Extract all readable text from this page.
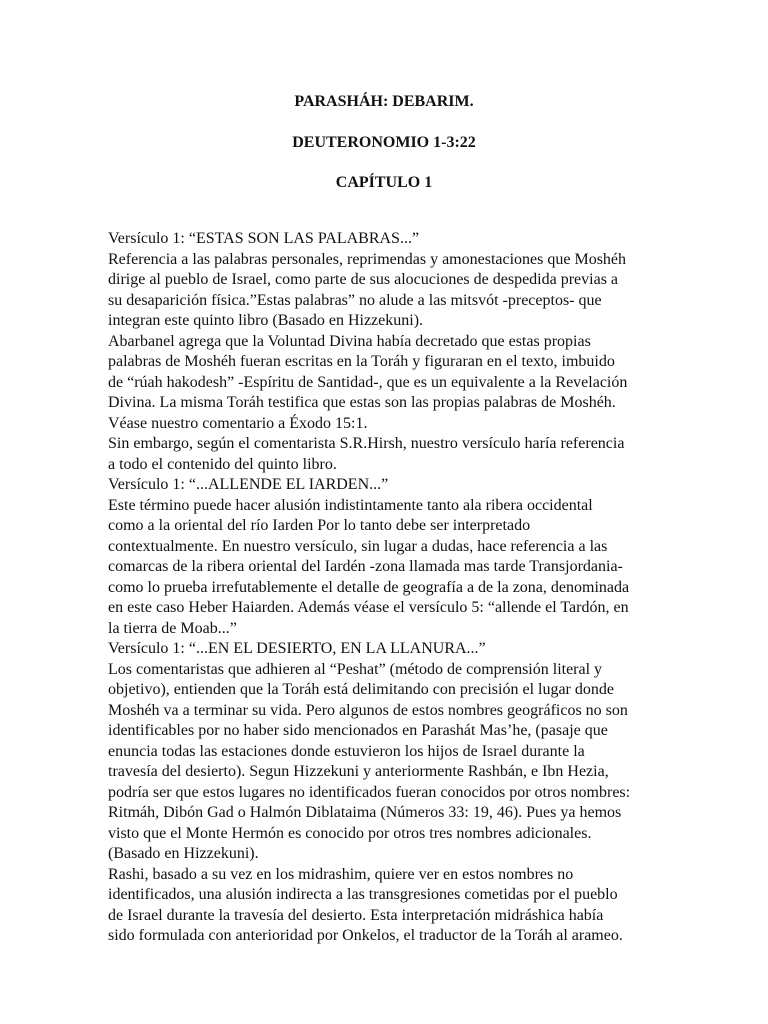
PARASHÁH: DEBARIM.
DEUTERONOMIO 1-3:22
CAPÍTULO 1
Versículo 1: “ESTAS SON LAS PALABRAS...”
Referencia a las palabras personales, reprimendas y amonestaciones que Moshéh
dirige al pueblo de Israel, como parte de sus alocuciones de despedida previas a
su desaparición física.”Estas palabras” no alude a las mitsvót -preceptos- que
integran este quinto libro (Basado en Hizzekuni).
Abarbanel agrega que la Voluntad Divina había decretado que estas propias
palabras de Moshéh fueran escritas en la Toráh y figuraran en el texto, imbuido
de “rúah hakodesh” -Espíritu de Santidad-, que es un equivalente a la Revelación
Divina. La misma Toráh testifica que estas son las propias palabras de Moshéh.
Véase nuestro comentario a Éxodo 15:1.
Sin embargo, según el comentarista S.R.Hirsh, nuestro versículo haría referencia
a todo el contenido del quinto libro.
Versículo 1: “...ALLENDE EL IARDEN...”
Este término puede hacer alusión indistintamente tanto ala ribera occidental
como a la oriental del río Iarden Por lo tanto debe ser interpretado
contextualmente. En nuestro versículo, sin lugar a dudas, hace referencia a las
comarcas de la ribera oriental del Iardén -zona llamada mas tarde Transjordania-
como lo prueba irrefutablemente el detalle de geografía a de la zona, denominada
en este caso Heber Haiarden. Además véase el versículo 5: “allende el Tardón, en
la tierra de Moab...”
Versículo 1: “...EN EL DESIERTO, EN LA LLANURA...”
Los comentaristas que adhieren al “Peshat” (método de comprensión literal y
objetivo), entienden que la Toráh está delimitando con precisión el lugar donde
Moshéh va a terminar su vida. Pero algunos de estos nombres geográficos no son
identificables por no haber sido mencionados en Parashát Mas’he, (pasaje que
enuncia todas las estaciones donde estuvieron los hijos de Israel durante la
travesía del desierto). Segun Hizzekuni y anteriormente Rashbán, e Ibn Hezia,
podría ser que estos lugares no identificados fueran conocidos por otros nombres:
Ritmáh, Dibón Gad o Halmón Diblataima (Números 33: 19, 46). Pues ya hemos
visto que el Monte Hermón es conocido por otros tres nombres adicionales.
(Basado en Hizzekuni).
Rashi, basado a su vez en los midrashim, quiere ver en estos nombres no
identificados, una alusión indirecta a las transgresiones cometidas por el pueblo
de Israel durante la travesía del desierto. Esta interpretación midráshica había
sido formulada con anterioridad por Onkelos, el traductor de la Toráh al arameo.
